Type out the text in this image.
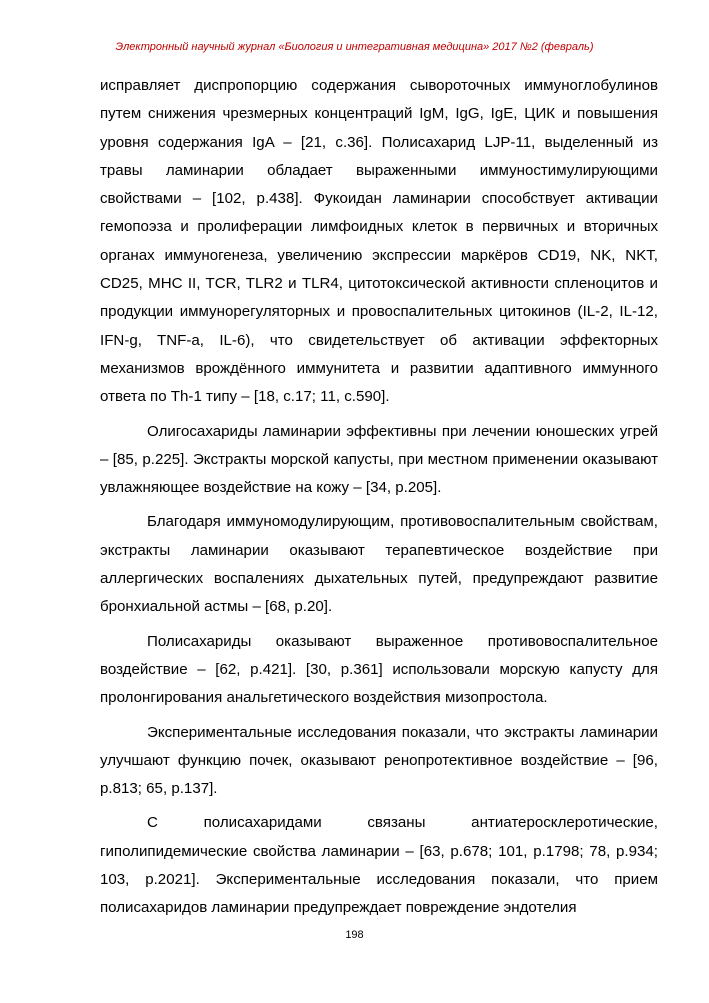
Электронный научный журнал «Биология и интегративная медицина» 2017 №2 (февраль)

исправляет диспропорцию содержания сывороточных иммуноглобулинов путем снижения чрезмерных концентраций IgM, IgG, IgE, ЦИК и повышения уровня содержания IgA – [21, с.36]. Полисахарид LJP-11, выделенный из травы ламинарии обладает выраженными иммуностимулирующими свойствами – [102, p.438]. Фукоидан ламинарии способствует активации гемопоэза и пролиферации лимфоидных клеток в первичных и вторичных органах иммуногенеза, увеличению экспрессии маркёров CD19, NK, NKT, CD25, MHC II, TCR, TLR2 и TLR4, цитотоксической активности спленоцитов и продукции иммунорегуляторных и провоспалительных цитокинов (IL-2, IL-12, IFN-g, TNF-a, IL-6), что свидетельствует об активации эффекторных механизмов врождённого иммунитета и развитии адаптивного иммунного ответа по Th-1 типу – [18, с.17; 11, с.590].

Олигосахариды ламинарии эффективны при лечении юношеских угрей – [85, р.225]. Экстракты морской капусты, при местном применении оказывают увлажняющее воздействие на кожу – [34, р.205].

Благодаря иммуномодулирующим, противовоспалительным свойствам, экстракты ламинарии оказывают терапевтическое воздействие при аллергических воспалениях дыхательных путей, предупреждают развитие бронхиальной астмы – [68, р.20].

Полисахариды оказывают выраженное противовоспалительное воздействие – [62, р.421]. [30, р.361] использовали морскую капусту для пролонгирования анальгетического воздействия мизопростола.

Экспериментальные исследования показали, что экстракты ламинарии улучшают функцию почек, оказывают ренопротективное воздействие – [96, р.813; 65, р.137].

С полисахаридами связаны антиатеросклеротические, гиполипидемические свойства ламинарии – [63, р.678; 101, р.1798; 78, р.934; 103, р.2021]. Экспериментальные исследования показали, что прием полисахаридов ламинарии предупреждает повреждение эндотелия

198
